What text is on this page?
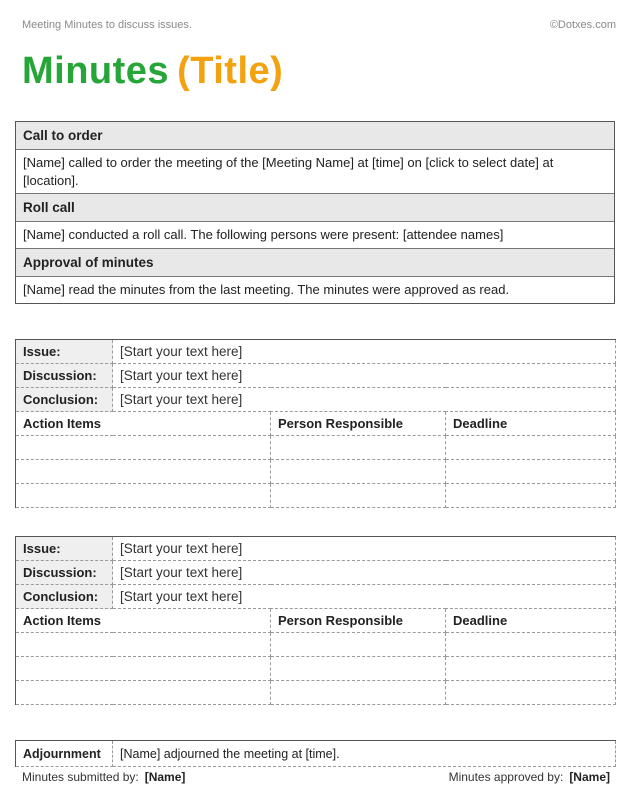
Meeting Minutes to discuss issues.	©Dotxes.com
Minutes (Title)
Call to order
[Name] called to order the meeting of the [Meeting Name] at [time] on [click to select date] at [location].
Roll call
[Name] conducted a roll call. The following persons were present: [attendee names]
Approval of minutes
[Name] read the minutes from the last meeting. The minutes were approved as read.
Issue:	[Start your text here]		
Discussion:	[Start your text here]		
Conclusion:	[Start your text here]		
Action Items		Person Responsible	Deadline

Issue:	[Start your text here]		
Discussion:	[Start your text here]		
Conclusion:	[Start your text here]		
Action Items		Person Responsible	Deadline

Adjournment	[Name] adjourned the meeting at [time].
Minutes submitted by: [Name]	Minutes approved by: [Name]
